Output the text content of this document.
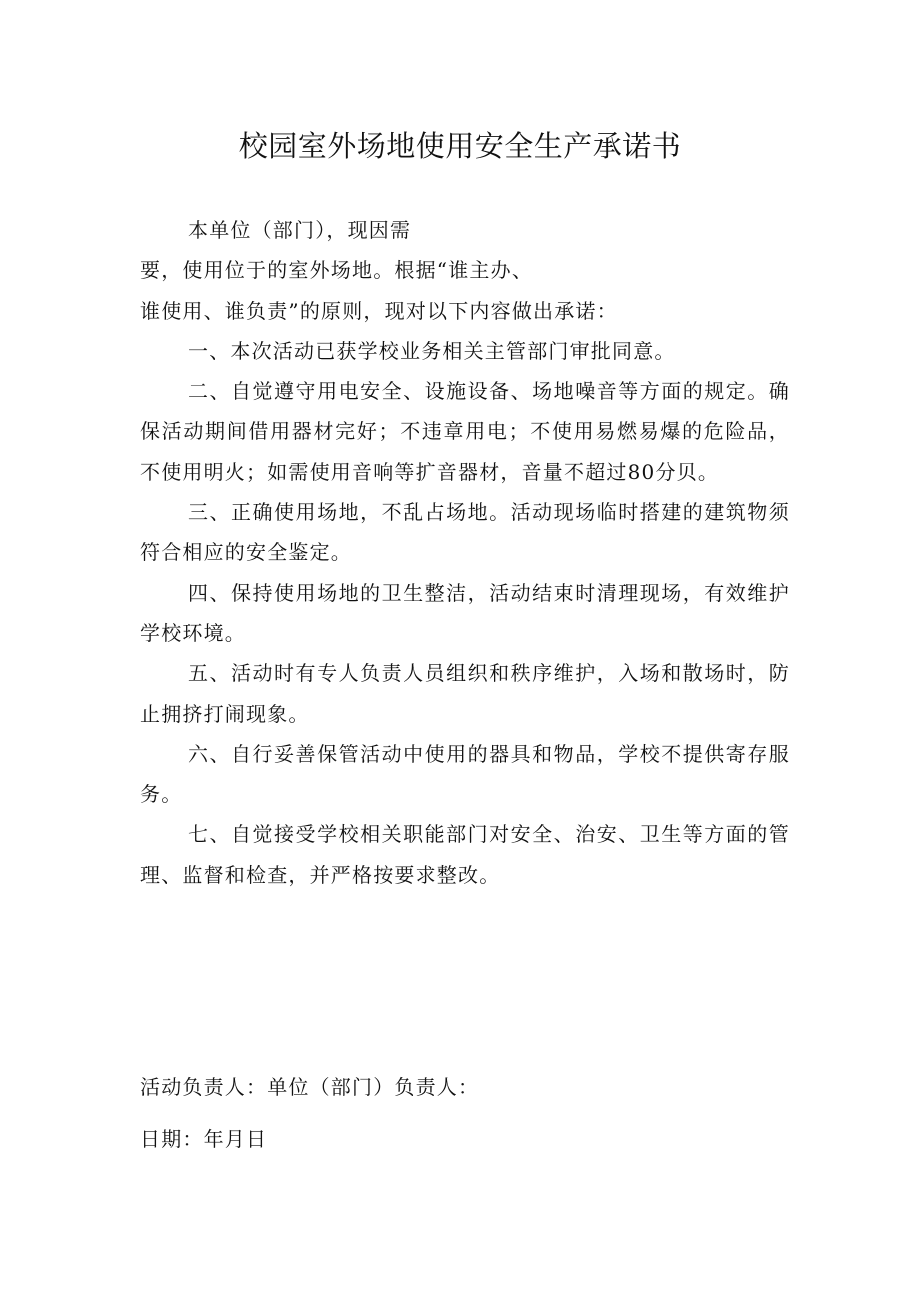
校园室外场地使用安全生产承诺书

本单位（部门），现因需

要，使用位于的室外场地。根据“谁主办、

谁使用、谁负责”的原则，现对以下内容做出承诺：

一、本次活动已获学校业务相关主管部门审批同意。

二、自觉遵守用电安全、设施设备、场地噪音等方面的规定。确保活动期间借用器材完好；不违章用电；不使用易燃易爆的危险品，不使用明火；如需使用音响等扩音器材，音量不超过80分贝。

三、正确使用场地，不乱占场地。活动现场临时搭建的建筑物须符合相应的安全鉴定。

四、保持使用场地的卫生整洁，活动结束时清理现场，有效维护学校环境。

五、活动时有专人负责人员组织和秩序维护，入场和散场时，防止拥挤打闹现象。

六、自行妥善保管活动中使用的器具和物品，学校不提供寄存服务。

七、自觉接受学校相关职能部门对安全、治安、卫生等方面的管理、监督和检查，并严格按要求整改。

活动负责人：单位（部门）负责人：
日期：年月日
